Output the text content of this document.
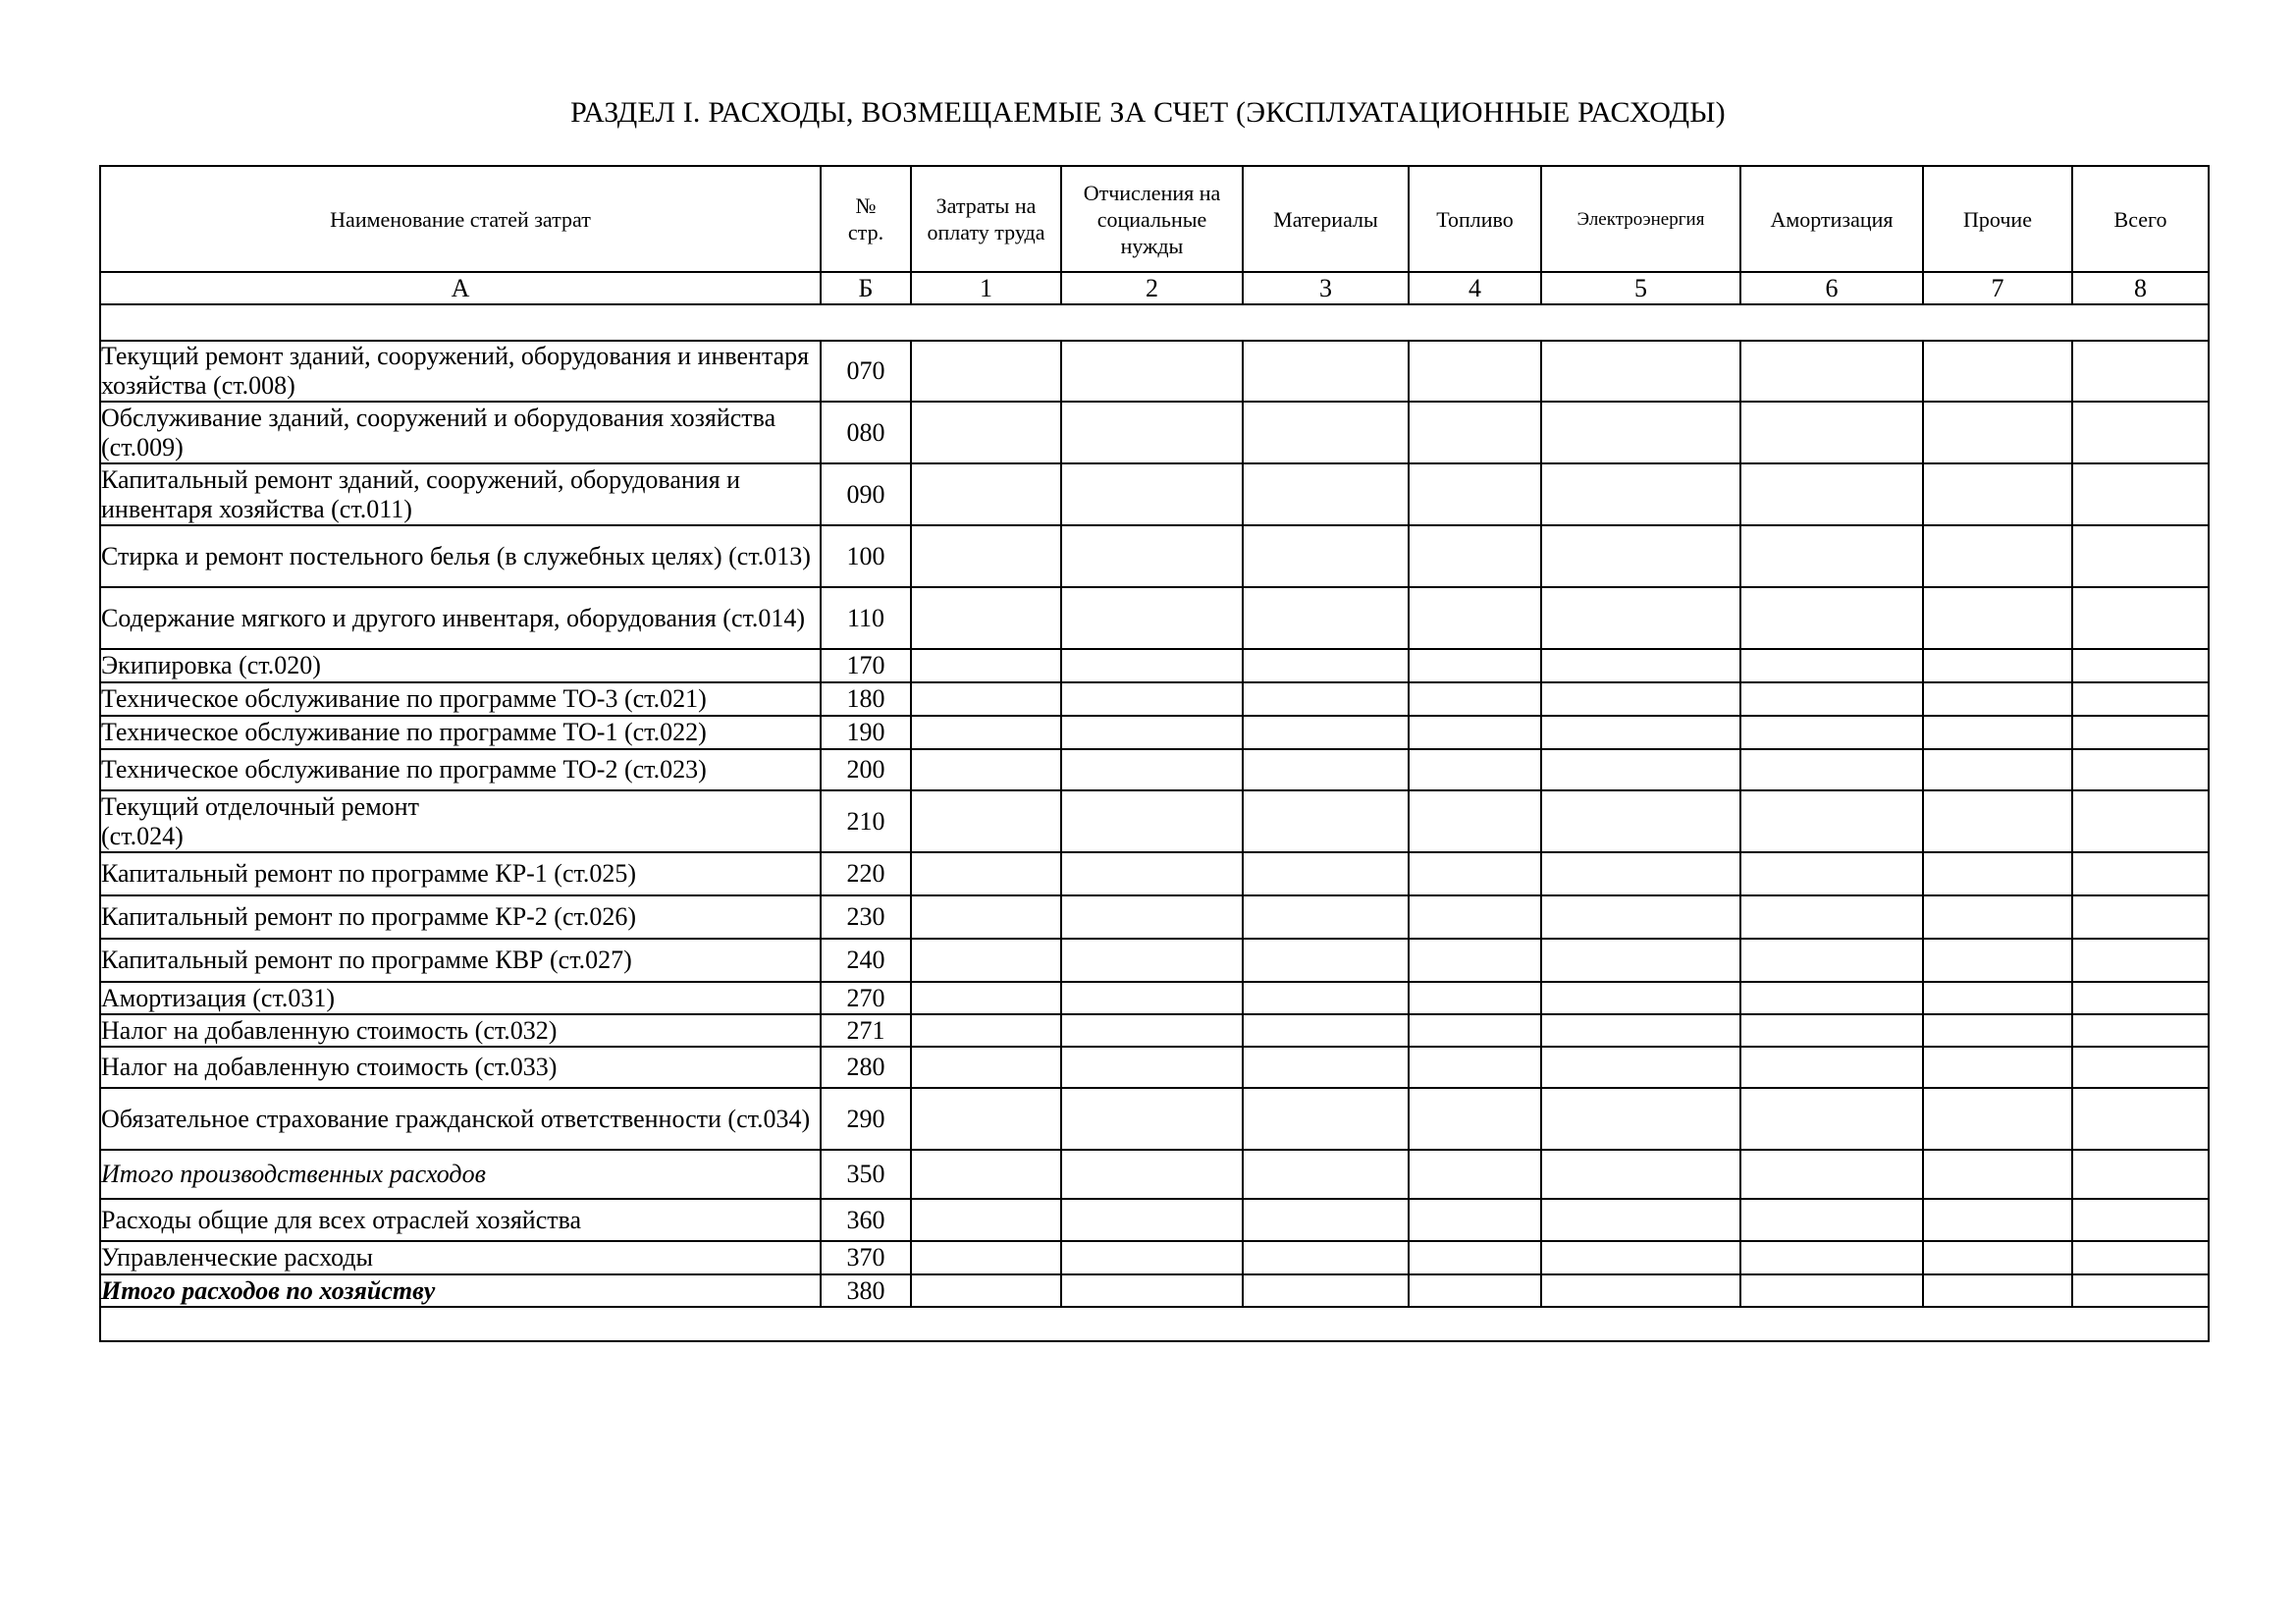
РАЗДЕЛ I. РАСХОДЫ, ВОЗМЕЩАЕМЫЕ ЗА СЧЕТ (ЭКСПЛУАТАЦИОННЫЕ РАСХОДЫ)
Наименование статей затрат	№ стр.	Затраты на оплату труда	Отчисления на социальные нужды	Материалы	Топливо	Электроэнергия	Амортизация	Прочие	Всего
А	Б	1	2	3	4	5	6	7	8

Текущий ремонт зданий, сооружений, оборудования и инвентаря хозяйства (ст.008)	070								
Обслуживание зданий, сооружений и оборудования хозяйства (ст.009)	080								
Капитальный ремонт зданий, сооружений, оборудования и инвентаря хозяйства (ст.011)	090								
Стирка и ремонт постельного белья (в служебных целях) (ст.013)	100								
Содержание мягкого и другого инвентаря, оборудования (ст.014)	110								
Экипировка (ст.020)	170								
Техническое обслуживание по программе ТО-3 (ст.021)	180								
Техническое обслуживание по программе ТО-1 (ст.022)	190								
Техническое обслуживание по программе ТО-2 (ст.023)	200								

Текущий отделочный ремонт (ст.024)	210								
Капитальный ремонт по программе КР-1 (ст.025)	220								
Капитальный ремонт по программе КР-2 (ст.026)	230								
Капитальный ремонт по программе КВР (ст.027)	240								
Амортизация (ст.031)	270								
Налог на добавленную стоимость (ст.032)	271								
Налог на добавленную стоимость (ст.033)	280								
Обязательное страхование гражданской ответственности (ст.034)	290								
Итого производственных расходов	350								
Расходы общие для всех отраслей хозяйства	360								
Управленческие расходы	370								
Итого расходов по хозяйству	380								
